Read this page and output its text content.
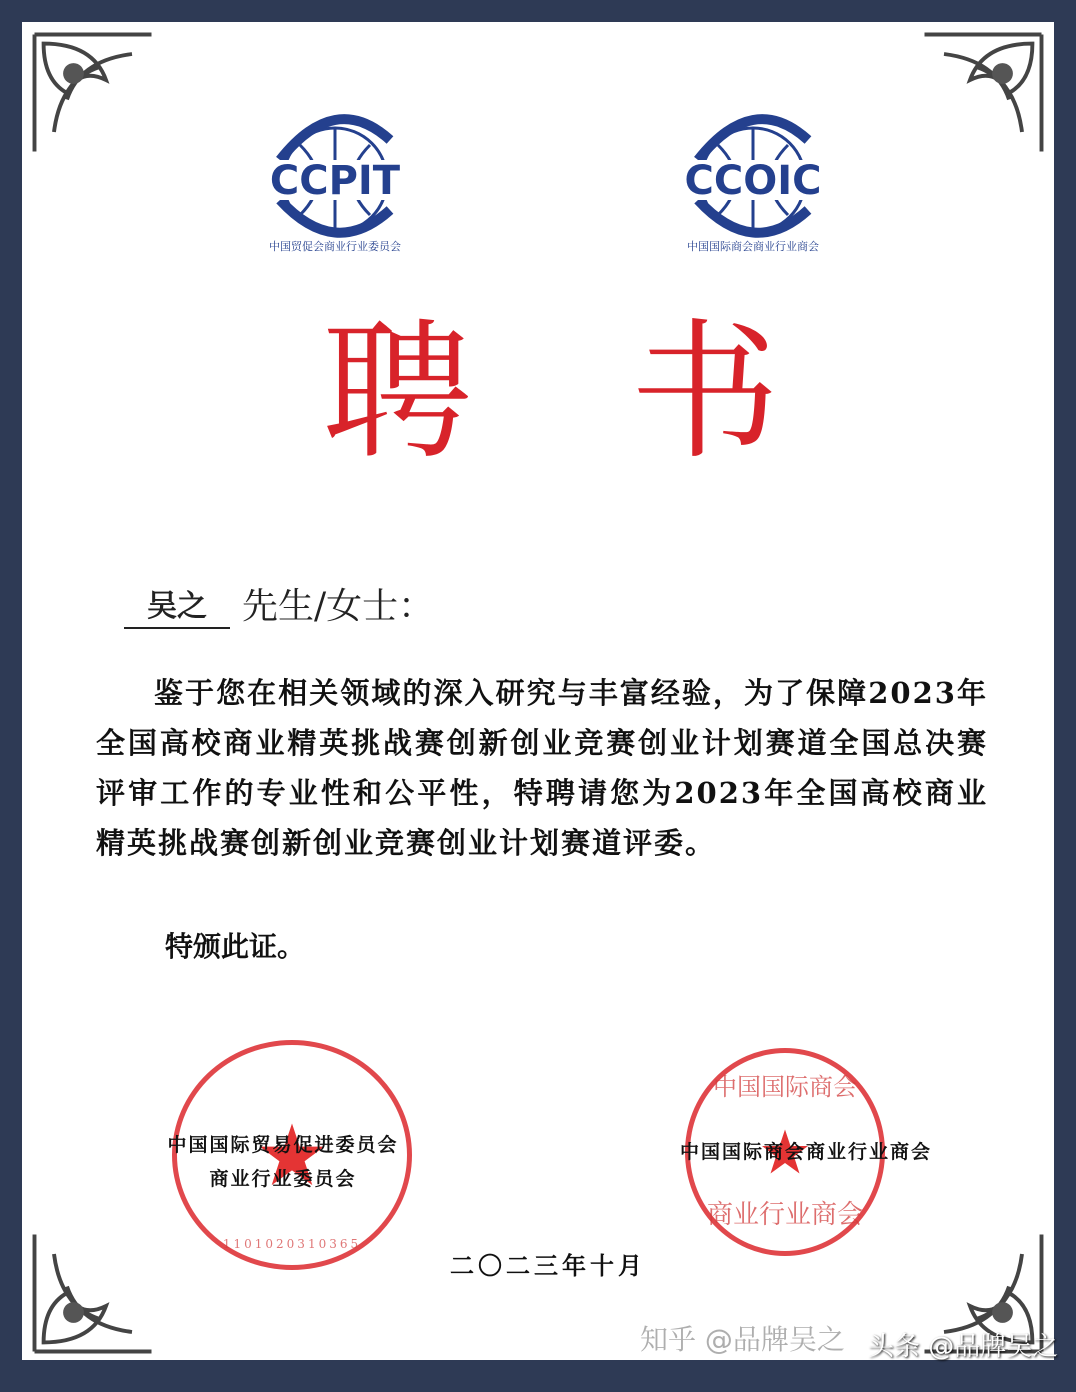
CCPIT
中国贸促会商业行业委员会
CCOIC
中国国际商会商业行业商会
聘 书
吴之 先生/女士：
鉴于您在相关领域的深入研究与丰富经验，为了保障2023年全国高校商业精英挑战赛创新创业竞赛创业计划赛道全国总决赛评审工作的专业性和公平性，特聘请您为2023年全国高校商业精英挑战赛创新创业竞赛创业计划赛道评委。
特颁此证。
1101020310365
中国国际商会
商业行业商会
中国国际贸易促进委员会
商业行业委员会
中国国际商会商业行业商会
二〇二三年十月
知乎 @品牌吴之 头条 @品牌吴之
